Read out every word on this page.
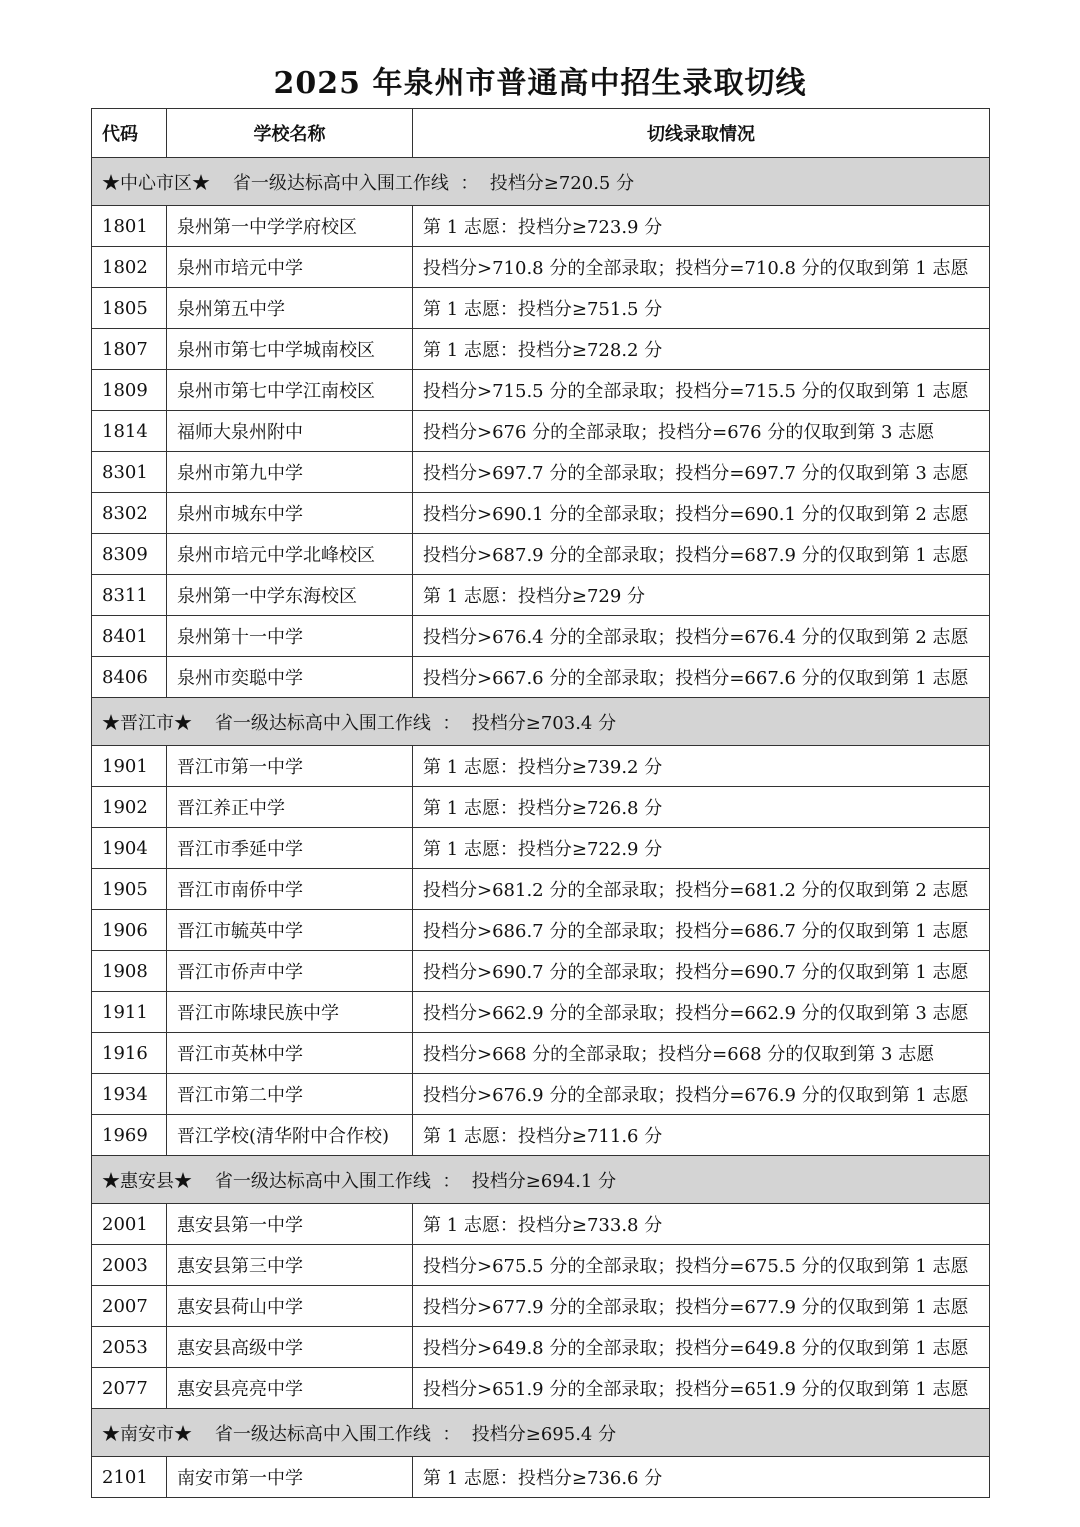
2025 年泉州市普通高中招生录取切线
代码	学校名称	切线录取情况
★中心市区★    省一级达标高中入围工作线  ：  投档分≥720.5 分		
1801	泉州第一中学学府校区	第 1 志愿：投档分≥723.9 分
1802	泉州市培元中学	投档分>710.8 分的全部录取；投档分=710.8 分的仅取到第 1 志愿
1805	泉州第五中学	第 1 志愿：投档分≥751.5 分
1807	泉州市第七中学城南校区	第 1 志愿：投档分≥728.2 分
1809	泉州市第七中学江南校区	投档分>715.5 分的全部录取；投档分=715.5 分的仅取到第 1 志愿
1814	福师大泉州附中	投档分>676 分的全部录取；投档分=676 分的仅取到第 3 志愿
8301	泉州市第九中学	投档分>697.7 分的全部录取；投档分=697.7 分的仅取到第 3 志愿
8302	泉州市城东中学	投档分>690.1 分的全部录取；投档分=690.1 分的仅取到第 2 志愿
8309	泉州市培元中学北峰校区	投档分>687.9 分的全部录取；投档分=687.9 分的仅取到第 1 志愿
8311	泉州第一中学东海校区	第 1 志愿：投档分≥729 分
8401	泉州第十一中学	投档分>676.4 分的全部录取；投档分=676.4 分的仅取到第 2 志愿
8406	泉州市奕聪中学	投档分>667.6 分的全部录取；投档分=667.6 分的仅取到第 1 志愿
★晋江市★    省一级达标高中入围工作线  ：  投档分≥703.4 分		
1901	晋江市第一中学	第 1 志愿：投档分≥739.2 分
1902	晋江养正中学	第 1 志愿：投档分≥726.8 分
1904	晋江市季延中学	第 1 志愿：投档分≥722.9 分
1905	晋江市南侨中学	投档分>681.2 分的全部录取；投档分=681.2 分的仅取到第 2 志愿
1906	晋江市毓英中学	投档分>686.7 分的全部录取；投档分=686.7 分的仅取到第 1 志愿
1908	晋江市侨声中学	投档分>690.7 分的全部录取；投档分=690.7 分的仅取到第 1 志愿
1911	晋江市陈埭民族中学	投档分>662.9 分的全部录取；投档分=662.9 分的仅取到第 3 志愿
1916	晋江市英林中学	投档分>668 分的全部录取；投档分=668 分的仅取到第 3 志愿
1934	晋江市第二中学	投档分>676.9 分的全部录取；投档分=676.9 分的仅取到第 1 志愿
1969	晋江学校(清华附中合作校)	第 1 志愿：投档分≥711.6 分
★惠安县★    省一级达标高中入围工作线  ：  投档分≥694.1 分		
2001	惠安县第一中学	第 1 志愿：投档分≥733.8 分
2003	惠安县第三中学	投档分>675.5 分的全部录取；投档分=675.5 分的仅取到第 1 志愿
2007	惠安县荷山中学	投档分>677.9 分的全部录取；投档分=677.9 分的仅取到第 1 志愿
2053	惠安县高级中学	投档分>649.8 分的全部录取；投档分=649.8 分的仅取到第 1 志愿
2077	惠安县亮亮中学	投档分>651.9 分的全部录取；投档分=651.9 分的仅取到第 1 志愿
★南安市★    省一级达标高中入围工作线  ：  投档分≥695.4 分		
2101	南安市第一中学	第 1 志愿：投档分≥736.6 分
